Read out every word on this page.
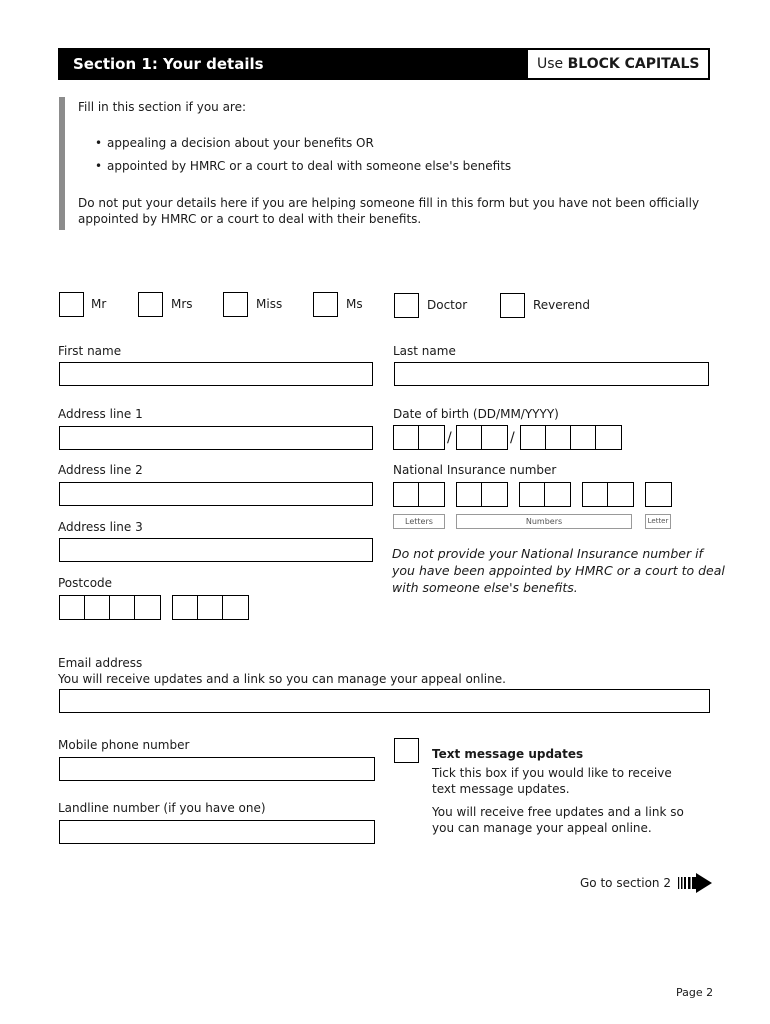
Section 1: Your details	Use BLOCK CAPITALS
Fill in this section if you are:
• appealing a decision about your benefits OR
• appointed by HMRC or a court to deal with someone else's benefits
Do not put your details here if you are helping someone fill in this form but you have not been officially
appointed by HMRC or a court to deal with their benefits.
Mr	Mrs	Miss	Ms	Doctor	Reverend
First name	Last name
Address line 1
Address line 2
Address line 3
Postcode
Date of birth (DD/MM/YYYY)
/	/
National Insurance number
Letters	Numbers	Letter
Do not provide your National Insurance number if
you have been appointed by HMRC or a court to deal
with someone else's benefits.
Email address
You will receive updates and a link so you can manage your appeal online.
Mobile phone number
Landline number (if you have one)
Text message updates
Tick this box if you would like to receive
text message updates.
You will receive free updates and a link so
you can manage your appeal online.
Go to section 2
Page 2
